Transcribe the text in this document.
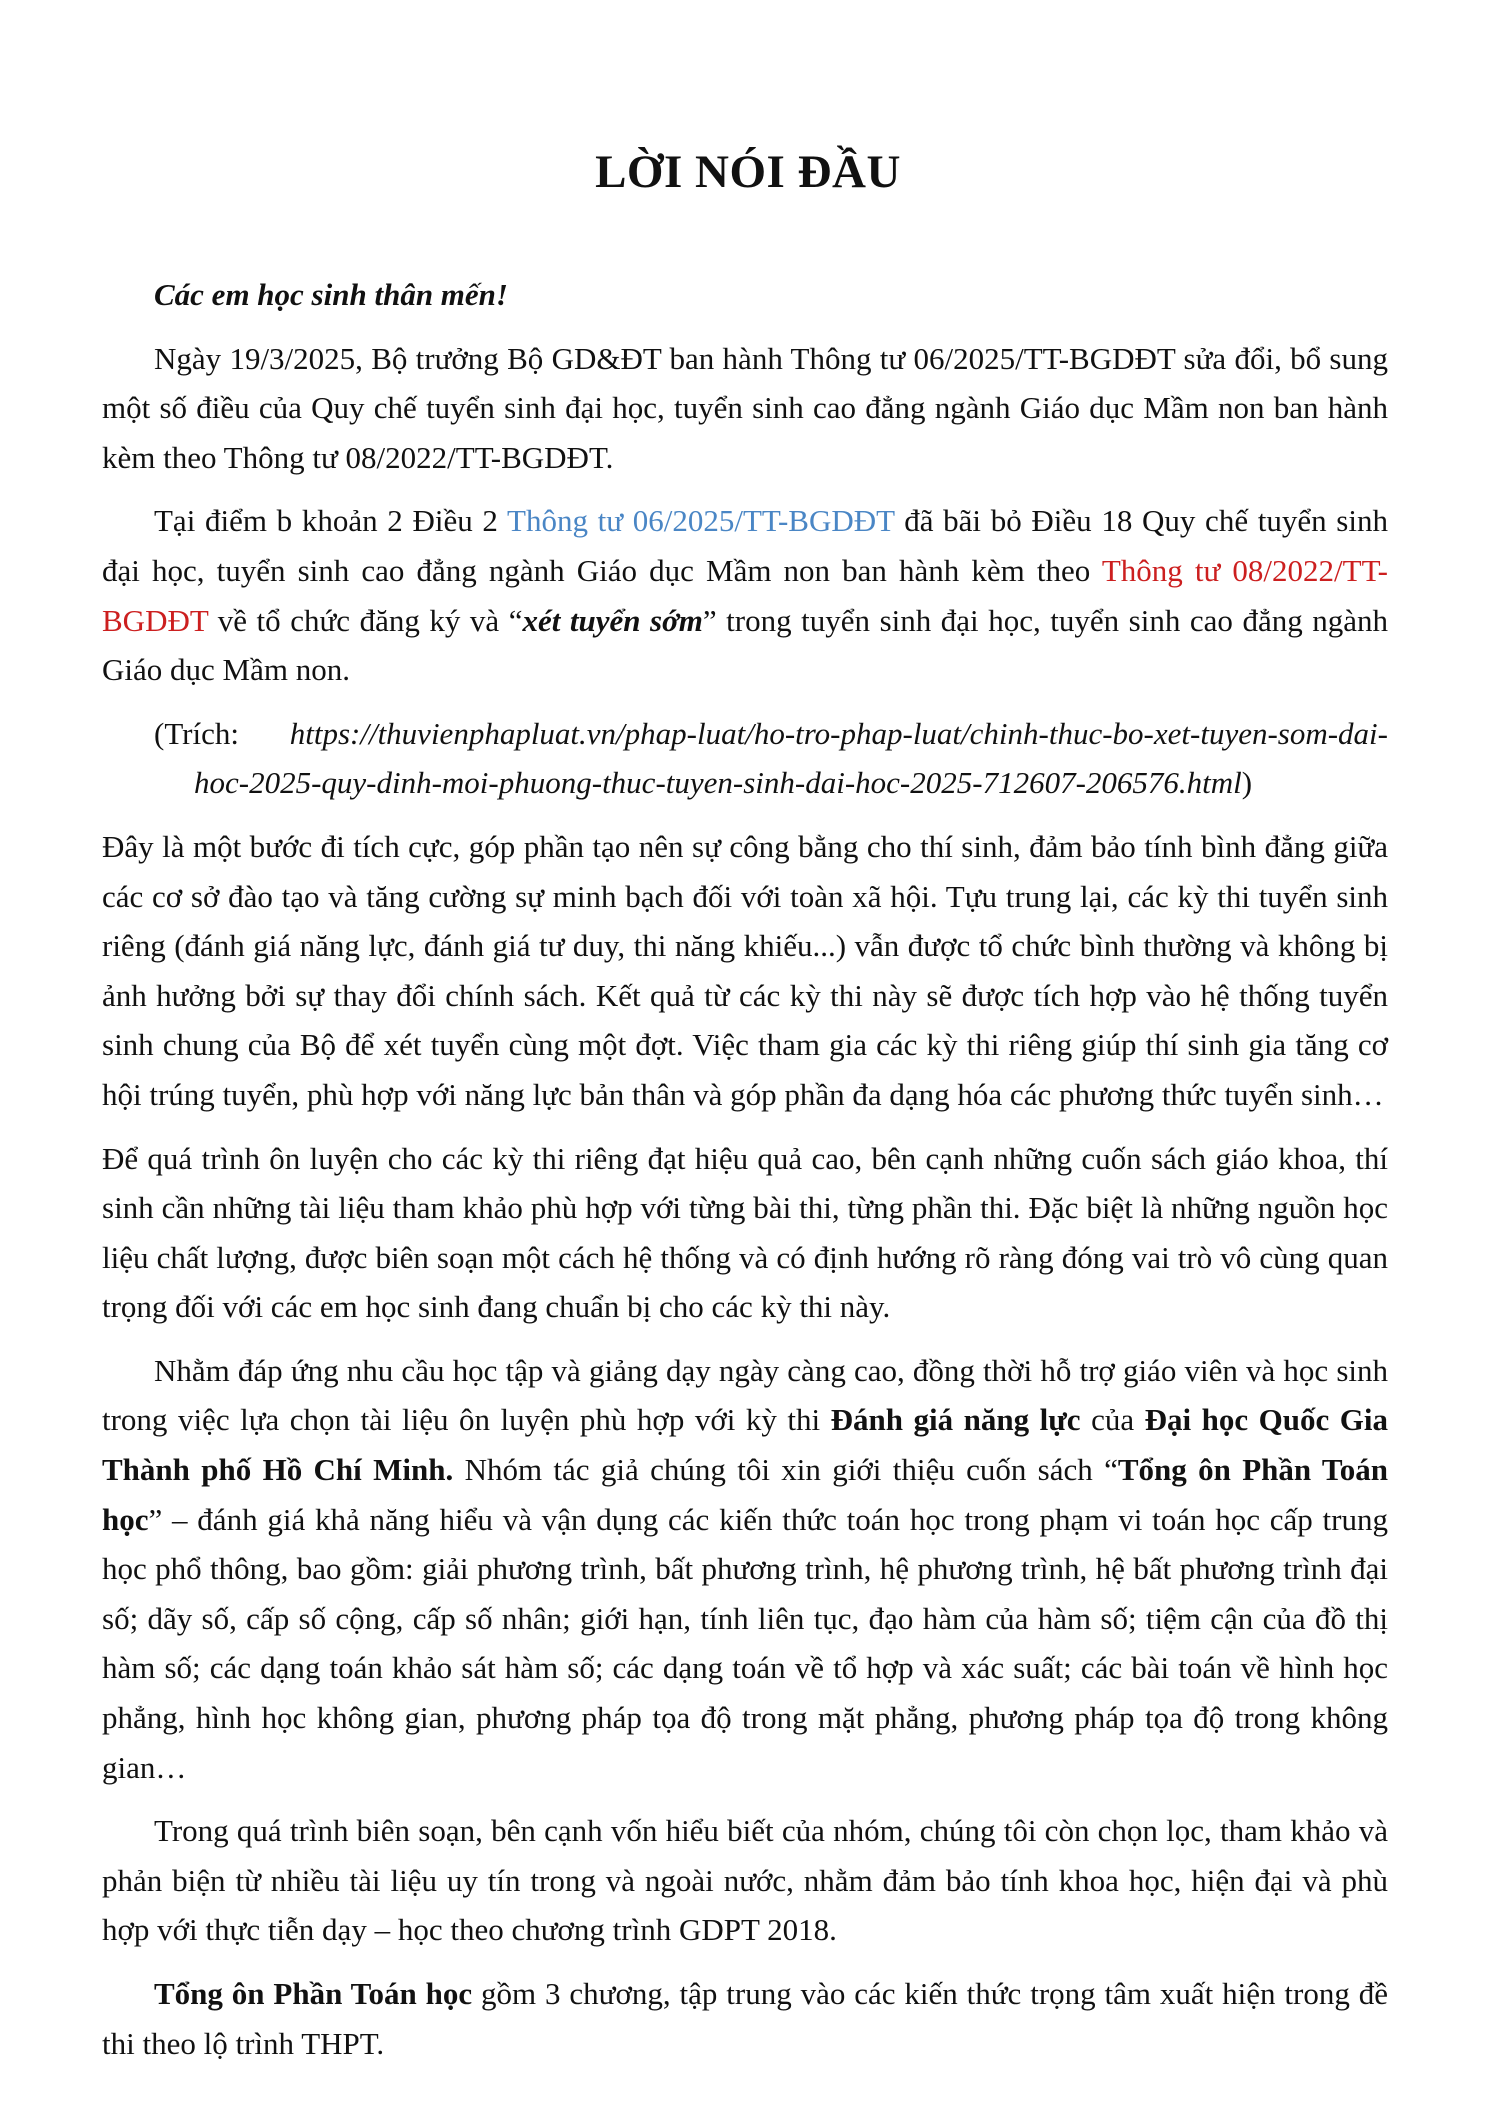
LỜI NÓI ĐẦU

Các em học sinh thân mến!

Ngày 19/3/2025, Bộ trưởng Bộ GD&ĐT ban hành Thông tư 06/2025/TT-BGDĐT sửa đổi, bổ sung một số điều của Quy chế tuyển sinh đại học, tuyển sinh cao đẳng ngành Giáo dục Mầm non ban hành kèm theo Thông tư 08/2022/TT-BGDĐT.

Tại điểm b khoản 2 Điều 2 Thông tư 06/2025/TT-BGDĐT đã bãi bỏ Điều 18 Quy chế tuyển sinh đại học, tuyển sinh cao đẳng ngành Giáo dục Mầm non ban hành kèm theo Thông tư 08/2022/TT-BGDĐT về tổ chức đăng ký và “xét tuyển sớm” trong tuyển sinh đại học, tuyển sinh cao đẳng ngành Giáo dục Mầm non.

(Trích: https://thuvienphapluat.vn/phap-luat/ho-tro-phap-luat/chinh-thuc-bo-xet-tuyen-som-dai-hoc-2025-quy-dinh-moi-phuong-thuc-tuyen-sinh-dai-hoc-2025-712607-206576.html)

Đây là một bước đi tích cực, góp phần tạo nên sự công bằng cho thí sinh, đảm bảo tính bình đẳng giữa các cơ sở đào tạo và tăng cường sự minh bạch đối với toàn xã hội. Tựu trung lại, các kỳ thi tuyển sinh riêng (đánh giá năng lực, đánh giá tư duy, thi năng khiếu...) vẫn được tổ chức bình thường và không bị ảnh hưởng bởi sự thay đổi chính sách. Kết quả từ các kỳ thi này sẽ được tích hợp vào hệ thống tuyển sinh chung của Bộ để xét tuyển cùng một đợt. Việc tham gia các kỳ thi riêng giúp thí sinh gia tăng cơ hội trúng tuyển, phù hợp với năng lực bản thân và góp phần đa dạng hóa các phương thức tuyển sinh…

Để quá trình ôn luyện cho các kỳ thi riêng đạt hiệu quả cao, bên cạnh những cuốn sách giáo khoa, thí sinh cần những tài liệu tham khảo phù hợp với từng bài thi, từng phần thi. Đặc biệt là những nguồn học liệu chất lượng, được biên soạn một cách hệ thống và có định hướng rõ ràng đóng vai trò vô cùng quan trọng đối với các em học sinh đang chuẩn bị cho các kỳ thi này.

Nhằm đáp ứng nhu cầu học tập và giảng dạy ngày càng cao, đồng thời hỗ trợ giáo viên và học sinh trong việc lựa chọn tài liệu ôn luyện phù hợp với kỳ thi Đánh giá năng lực của Đại học Quốc Gia Thành phố Hồ Chí Minh. Nhóm tác giả chúng tôi xin giới thiệu cuốn sách “Tổng ôn Phần Toán học” – đánh giá khả năng hiểu và vận dụng các kiến thức toán học trong phạm vi toán học cấp trung học phổ thông, bao gồm: giải phương trình, bất phương trình, hệ phương trình, hệ bất phương trình đại số; dãy số, cấp số cộng, cấp số nhân; giới hạn, tính liên tục, đạo hàm của hàm số; tiệm cận của đồ thị hàm số; các dạng toán khảo sát hàm số; các dạng toán về tổ hợp và xác suất; các bài toán về hình học phẳng, hình học không gian, phương pháp tọa độ trong mặt phẳng, phương pháp tọa độ trong không gian…

Trong quá trình biên soạn, bên cạnh vốn hiểu biết của nhóm, chúng tôi còn chọn lọc, tham khảo và phản biện từ nhiều tài liệu uy tín trong và ngoài nước, nhằm đảm bảo tính khoa học, hiện đại và phù hợp với thực tiễn dạy – học theo chương trình GDPT 2018.

Tổng ôn Phần Toán học gồm 3 chương, tập trung vào các kiến thức trọng tâm xuất hiện trong đề thi theo lộ trình THPT.
